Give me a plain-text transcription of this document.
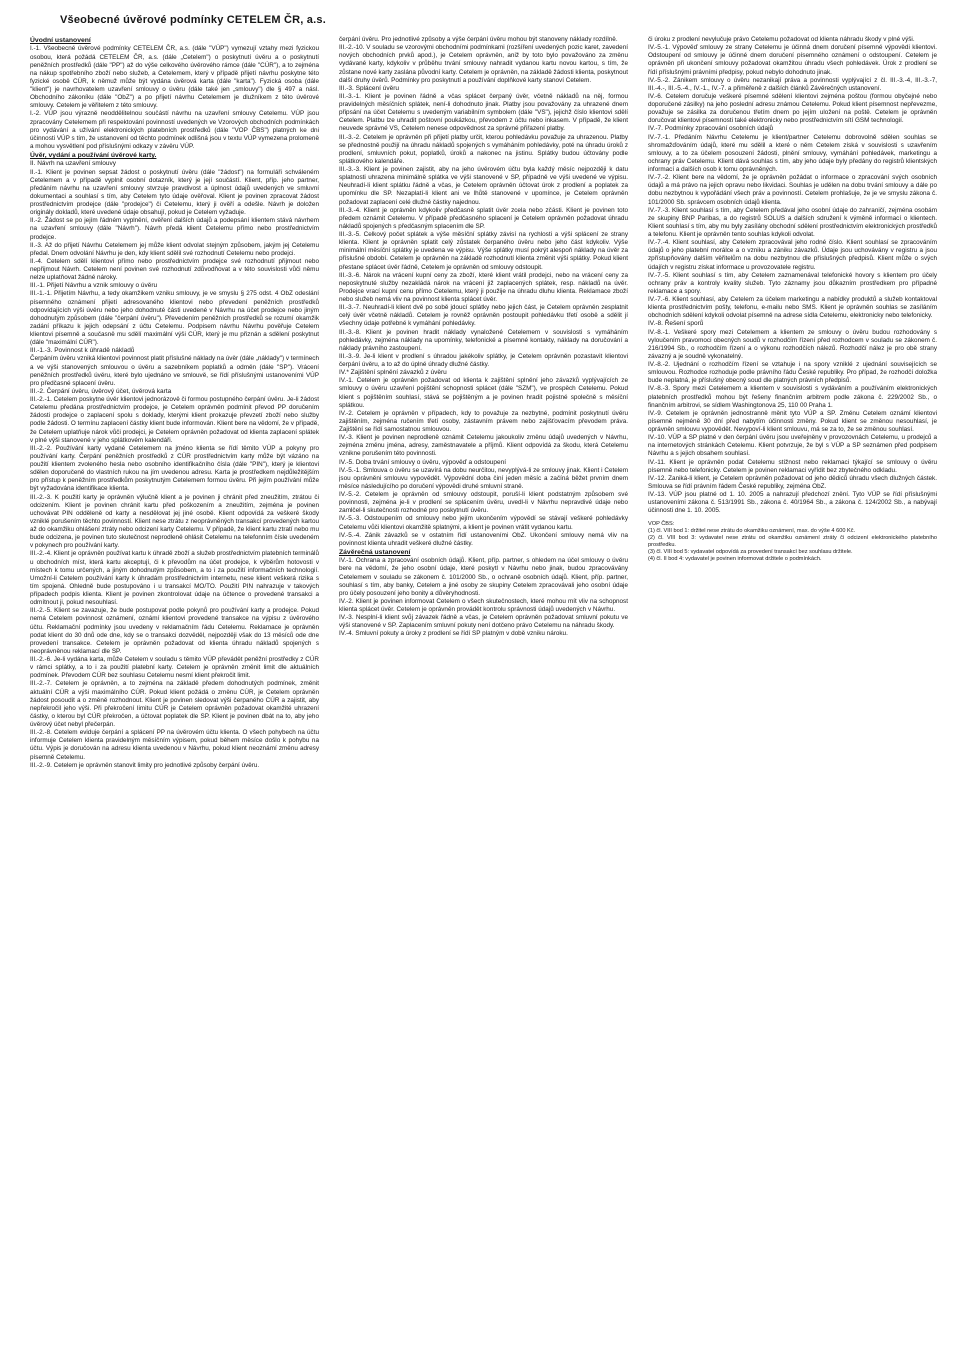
Všeobecné úvěrové podmínky CETELEM ČR, a.s.
Úvodní ustanovení

I.-1. Všeobecné úvěrové podmínky CETELEM ČR, a.s. (dále "VÚP") vymezují vztahy mezi fyzickou osobou, která požádá CETELEM ČR, a.s. (dále „Cetelem") o poskytnutí úvěru a o poskytnutí peněžních prostředků (dále "PP") až do výše celkového úvěrového rámce (dále "CÚR"), a to zejména na nákup spotřebního zboží nebo služeb, a Cetelemem, který v případě přijetí návrhu poskytne této fyzické osobě CÚR, k němuž může být vydána úvěrová karta (dále "karta"). Fyzická osoba (dále "klient") je navrhovatelem uzavření smlouvy o úvěru (dále také jen „smlouvy") dle § 497 a násl. Obchodního zákoníku (dále "ObZ") a po přijetí návrhu Cetelemem je dlužníkem z této úvěrové smlouvy. Cetelem je věřitelem z této smlouvy.

I.-2. VÚP jsou výrazně neoddělitelnou součástí návrhu na uzavření smlouvy Cetelemu. VÚP jsou zpracovány Cetelemem při respektování povinností uvedených ve Vzorových obchodních podmínkách pro vydávání a užívání elektronických platebních prostředků (dále "VOP ČBS") platných ke dni účinnosti VÚP s tím, že ustanovení od těchto podmínek odlišná jsou v textu VÚP vymezena prolomeně a mohou vysvětlení pod příslušnými odkazy v závěru VÚP.

Úvěr, vydání a používání úvěrové karty.
II. Návrh na uzavření smlouvy

II.-1. Klient je povinen sepsat žádost o poskytnutí úvěru (dále "žádost") na formuláři schváleném Cetelemem a v případě vyplnit osobní dotazník, který je její součástí. Klient, příp. jeho partner, předáním návrhu na uzavření smlouvy stvrzuje pravdivost a úplnost údajů uvedených ve smluvní dokumentaci a souhlasí s tím, aby Cetelem tyto údaje ověřoval. Klient je povinen zpracovat žádost prostřednictvím prodejce (dále "prodejce") či Cetelemu, který ji ověří a odešle. Návrh je doložen originály dokladů, které uvedené údaje obsahují, pokud je Cetelem vyžaduje.

II.-2. Žádost se po jejím řádném vyplnění, ověření dalších údajů a podepsání klientem stává návrhem na uzavření smlouvy (dále "Návrh"). Návrh předá klient Cetelemu přímo nebo prostřednictvím prodejce.

II.-3. Až do přijetí Návrhu Cetelemem jej může klient odvolat stejným způsobem, jakým jej Cetelemu předal. Dnem odvolání Návrhu je den, kdy klient sdělil své rozhodnutí Cetelemu nebo prodejci.

II.-4. Cetelem sdělí klientovi přímo nebo prostřednictvím prodejce své rozhodnutí přijmout nebo nepřijmout Návrh. Cetelem není povinen své rozhodnutí zdůvodňovat a v této souvislosti vůči němu nelze uplatňovat žádné nároky.

III.-1. Přijetí Návrhu a vznik smlouvy o úvěru

III.-1.-1. Přijetím Návrhu, a tedy okamžikem vzniku smlouvy, je ve smyslu § 275 odst. 4 ObZ odeslání písemného oznámení přijetí adresovaného klientovi nebo převedení peněžních prostředků odpovídajících výši úvěru nebo jeho dohodnuté části uvedené v Návrhu na účet prodejce nebo jiným dohodnutým způsobem (dále "čerpání úvěru"). Převedením peněžních prostředků se rozumí okamžik zadání příkazu k jejich odepsání z účtu Cetelemu. Podpisem návrhu Návrhu pověřuje Cetelem klientovi písemně a současně mu sdělí maximální výši CÚR, který je mu přiznán a sdělení poskytnut (dále "maximální CÚR").

III.-1.-3. Povinnost k úhradě nákladů

Čerpáním úvěru vzniká klientovi povinnost platit příslušné náklady na úvěr (dále „náklady") v termínech a ve výši stanovených smlouvou o úvěru a sazebníkem poplatků a odměn (dále "SP"). Vrácení peněžních prostředků úvěru, které bylo ujednáno ve smlouvě, se řídí příslušnými ustanoveními VÚP pro předčasné splacení úvěru.

III.-2. Čerpání úvěru, úvěrový účet, úvěrová karta

III.-2.-1. Cetelem poskytne úvěr klientovi jednorázově či formou postupného čerpání úvěru. Je-li žádost Cetelemu předána prostřednictvím prodejce, je Cetelem oprávněn podmínit převod PP doručením žádosti prodejce o zaplacení spolu s doklady, kterými klient prokazuje převzetí zboží nebo služby podle žádosti. O termínu zaplacení částky klient bude informován. Klient bere na vědomí, že v případě, že Cetelem uplatňuje nárok vůči prodejci, je Cetelem oprávněn požadovat od klienta zaplacení splátek v plné výši stanovené v jeho splátkovém kalendáři.

III.-2.-2. Používání karty vydané Cetelemem na jméno klienta se řídí těmito VÚP a pokyny pro používání karty. Čerpání peněžních prostředků z CÚR prostřednictvím karty může být vázáno na použití klientem zvoleného hesla nebo osobního identifikačního čísla (dále "PIN"), který je klientovi sdělen doporučeně do vlastních rukou na jím uvedenou adresu. Karta je prostředkem nejdůležitějším pro přístup k peněžním prostředkům poskytnutým Cetelemem formou úvěru. Při jejím používání může být vyžadována identifikace klienta.

III.-2.-3. K použití karty je oprávněn výlučně klient a je povinen ji chránit před zneužitím, ztrátou či odcizením. Klient je povinen chránit kartu před poškozením a zneužitím, zejména je povinen uchovávat PIN odděleně od karty a nesdělovat jej jiné osobě. Klient odpovídá za veškeré škody vzniklé porušením těchto povinností. Klient nese ztrátu z neoprávněných transakcí provedených kartou až do okamžiku ohlášení ztráty nebo odcizení karty Cetelemu. V případě, že klient kartu ztratí nebo mu bude odcizena, je povinen tuto skutečnost neprodleně ohlásit Cetelemu na telefonním čísle uvedeném v pokynech pro používání karty.

III.-2.-4. Klient je oprávněn používat kartu k úhradě zboží a služeb prostřednictvím platebních terminálů u obchodních míst, která kartu akceptují, či k převodům na účet prodejce, k výběrům hotovosti v místech k tomu určených, a jiným dohodnutým způsobem, a to i za použití informačních technologií. Umožní-li Cetelem používání karty k úhradám prostřednictvím internetu, nese klient veškerá rizika s tím spojená. Ohledně bude postupováno i u transakcí MO/TO. Použití PIN nahrazuje v takových případech podpis klienta. Klient je povinen zkontrolovat údaje na účtence o provedené transakci a odmítnout ji, pokud nesouhlasí.

III.-2.-5. Klient se zavazuje, že bude postupovat podle pokynů pro používání karty a prodejce. Pokud nemá Cetelem povinnost oznámení, oznámí klientovi provedené transakce na výpisu z úvěrového účtu. Reklamační podmínky jsou uvedeny v reklamačním řádu Cetelemu. Reklamace je oprávněn podat klient do 30 dnů ode dne, kdy se o transakci dozvěděl, nejpozději však do 13 měsíců ode dne provedení transakce. Cetelem je oprávněn požadovat od klienta úhradu nákladů spojených s neoprávněnou reklamací dle SP.

III.-2.-6. Je-li vydána karta, může Cetelem v souladu s těmito VÚP převádět peněžní prostředky z CÚR v rámci splátky, a to i za použití platební karty. Cetelem je oprávněn změnit limit dle aktuálních podmínek. Převodem CÚR bez souhlasu Cetelemu nesmí klient překročit limit.

III.-2.-7. Cetelem je oprávněn, a to zejména na základě předem dohodnutých podmínek, změnit aktuální CÚR a výši maximálního CÚR. Pokud klient požádá o změnu CÚR, je Cetelem oprávněn žádost posoudit a o změně rozhodnout. Klient je povinen sledovat výši čerpaného CÚR a zajistit, aby nepřekročil jeho výši. Při překročení limitu CÚR je Cetelem oprávněn požadovat okamžité uhrazení částky, o kterou byl CÚR překročen, a účtovat poplatek dle SP. Klient je povinen dbát na to, aby jeho úvěrový účet nebyl přečerpán.

III.-2.-8. Cetelem eviduje čerpání a splácení PP na úvěrovém účtu klienta. O všech pohybech na účtu informuje Cetelem klienta pravidelným měsíčním výpisem, pokud během měsíce došlo k pohybu na účtu. Výpis je doručován na adresu klienta uvedenou v Návrhu, pokud klient neoznámí změnu adresy písemně Cetelemu.

III.-2.-9. Cetelem je oprávněn stanovit limity pro jednotlivé způsoby čerpání úvěru.

čerpání úvěru. Pro jednotlivé způsoby a výše čerpání úvěru mohou být stanoveny náklady rozdílně.

III.-2.-10. V souladu se vzorovými obchodními podmínkami (rozšíření uvedených pozic karet, zavedení nových obchodních prvků apod.), je Cetelem oprávněn, aniž by toto bylo považováno za změnu vydávané karty, kdykoliv v průběhu trvání smlouvy nahradit vydanou kartu novou kartou, s tím, že zůstane nové karty zaslána původní karty. Cetelem je oprávněn, na základě žádosti klienta, poskytnout další druhy úvěrů. Podmínky pro poskytnutí a používání doplňkové karty stanoví Cetelem.

III.-3. Splácení úvěru

III.-3.-1. Klient je povinen řádně a včas splácet čerpaný úvěr, včetně nákladů na něj, formou pravidelných měsíčních splátek, není-li dohodnuto jinak. Platby jsou považovány za uhrazené dnem připsání na účet Cetelemu s uvedeným variabilním symbolem (dále "VS"), jejichž číslo klientovi sdělí Cetelem. Platbu lze uhradit poštovní poukázkou, převodem z účtu nebo inkasem. V případě, že klient neuvede správné VS, Cetelem nenese odpovědnost za správné přiřazení platby.

III.-3.-2. Cetelem je oprávněn při přijetí platby určit, kterou pohledávku považuje za uhrazenou. Platby se přednostně použijí na úhradu nákladů spojených s vymáháním pohledávky, poté na úhradu úroků z prodlení, smluvních pokut, poplatků, úroků a nakonec na jistinu. Splátky budou účtovány podle splátkového kalendáře.

III.-3.-3. Klient je povinen zajistit, aby na jeho úvěrovém účtu byla každý měsíc nejpozději k datu splatnosti uhrazena minimálně splátka ve výši stanovené v SP, případně ve výši uvedené ve výpisu. Neuhradí-li klient splátku řádně a včas, je Cetelem oprávněn účtovat úrok z prodlení a poplatek za upomínku dle SP. Nezaplatí-li klient ani ve lhůtě stanovené v upomínce, je Cetelem oprávněn požadovat zaplacení celé dlužné částky najednou.

III.-3.-4. Klient je oprávněn kdykoliv předčasně splatit úvěr zcela nebo zčásti. Klient je povinen toto předem oznámit Cetelemu. V případě předčasného splacení je Cetelem oprávněn požadovat úhradu nákladů spojených s předčasným splacením dle SP.

III.-3.-5. Celkový počet splátek a výše měsíční splátky závisí na rychlosti a výši splácení ze strany klienta. Klient je oprávněn splatit celý zůstatek čerpaného úvěru nebo jeho část kdykoliv. Výše minimální měsíční splátky je uvedena ve výpisu. Výše splátky musí pokrýt alespoň náklady na úvěr za příslušné období. Cetelem je oprávněn na základě rozhodnutí klienta změnit výši splátky. Pokud klient přestane splácet úvěr řádně, Cetelem je oprávněn od smlouvy odstoupit.

III.-3.-6. Nárok na vrácení kupní ceny za zboží, které klient vrátil prodejci, nebo na vrácení ceny za neposkytnuté služby nezakládá nárok na vrácení již zaplacených splátek, resp. nákladů na úvěr. Prodejce vrací kupní cenu přímo Cetelemu, který ji použije na úhradu dluhu klienta. Reklamace zboží nebo služeb nemá vliv na povinnost klienta splácet úvěr.

III.-3.-7. Neuhradí-li klient dvě po sobě jdoucí splátky nebo jejich část, je Cetelem oprávněn zesplatnit celý úvěr včetně nákladů. Cetelem je rovněž oprávněn postoupit pohledávku třetí osobě a sdělit jí všechny údaje potřebné k vymáhání pohledávky.

III.-3.-8. Klient je povinen hradit náklady vynaložené Cetelemem v souvislosti s vymáháním pohledávky, zejména náklady na upomínky, telefonické a písemné kontakty, náklady na doručování a náklady právního zastoupení.

III.-3.-9. Je-li klient v prodlení s úhradou jakékoliv splátky, je Cetelem oprávněn pozastavit klientovi čerpání úvěru, a to až do úplné úhrady dlužné částky.

IV.* Zajištění splnění závazků z úvěru

IV.-1. Cetelem je oprávněn požadovat od klienta k zajištění splnění jeho závazků vyplývajících ze smlouvy o úvěru uzavření pojištění schopnosti splácet (dále "SZM"), ve prospěch Cetelemu. Pokud klient s pojištěním souhlasí, stává se pojištěným a je povinen hradit pojistné společně s měsíční splátkou.

IV.-2. Cetelem je oprávněn v případech, kdy to považuje za nezbytné, podmínit poskytnutí úvěru zajištěním, zejména ručením třetí osoby, zástavním právem nebo zajišťovacím převodem práva. Zajištění se řídí samostatnou smlouvou.

IV.-3. Klient je povinen neprodleně oznámit Cetelemu jakoukoliv změnu údajů uvedených v Návrhu, zejména změnu jména, adresy, zaměstnavatele a příjmů. Klient odpovídá za škodu, která Cetelemu vznikne porušením této povinnosti.

IV.-5. Doba trvání smlouvy o úvěru, výpověď a odstoupení

IV.-5.-1. Smlouva o úvěru se uzavírá na dobu neurčitou, nevyplývá-li ze smlouvy jinak. Klient i Cetelem jsou oprávněni smlouvu vypovědět. Výpovědní doba činí jeden měsíc a začíná běžet prvním dnem měsíce následujícího po doručení výpovědi druhé smluvní straně.

IV.-5.-2. Cetelem je oprávněn od smlouvy odstoupit, poruší-li klient podstatným způsobem své povinnosti, zejména je-li v prodlení se splácením úvěru, uvedl-li v Návrhu nepravdivé údaje nebo zamlčel-li skutečnosti rozhodné pro poskytnutí úvěru.

IV.-5.-3. Odstoupením od smlouvy nebo jejím ukončením výpovědí se stávají veškeré pohledávky Cetelemu vůči klientovi okamžitě splatnými, a klient je povinen vrátit vydanou kartu.

IV.-5.-4. Zánik závazků se v ostatním řídí ustanoveními ObZ. Ukončení smlouvy nemá vliv na povinnost klienta uhradit veškeré dlužné částky.

Závěrečná ustanovení

IV.-1. Ochrana a zpracování osobních údajů. Klient, příp. partner, s ohledem na účel smlouvy o úvěru bere na vědomí, že jeho osobní údaje, které poskytl v Návrhu nebo jinak, budou zpracovávány Cetelemem v souladu se zákonem č. 101/2000 Sb., o ochraně osobních údajů. Klient, příp. partner, souhlasí s tím, aby banky, Cetelem a jiné osoby ze skupiny Cetelem zpracovávali jeho osobní údaje pro účely posouzení jeho bonity a důvěryhodnosti.

IV.-2. Klient je povinen informovat Cetelem o všech skutečnostech, které mohou mít vliv na schopnost klienta splácet úvěr. Cetelem je oprávněn provádět kontrolu správnosti údajů uvedených v Návrhu.

IV.-3. Nesplní-li klient svůj závazek řádně a včas, je Cetelem oprávněn požadovat smluvní pokutu ve výši stanovené v SP. Zaplacením smluvní pokuty není dotčeno právo Cetelemu na náhradu škody.

IV.-4. Smluvní pokuty a úroky z prodlení se řídí SP platným v době vzniku nároku.

či úroku z prodlení nevylučuje právo Cetelemu požadovat od klienta náhradu škody v plné výši.

IV.-5.-1. Výpověď smlouvy ze strany Cetelemu je účinná dnem doručení písemné výpovědi klientovi. Odstoupení od smlouvy je účinné dnem doručení písemného oznámení o odstoupení. Cetelem je oprávněn při ukončení smlouvy požadovat okamžitou úhradu všech pohledávek. Úrok z prodlení se řídí příslušnými právními předpisy, pokud nebylo dohodnuto jinak.

IV.-5.-2. Zánikem smlouvy o úvěru nezanikají práva a povinnosti vyplývající z čl. III.-3.-4, III.-3.-7, III.-4.-, III.-5.-4., IV.-1., IV.-7. a přiměřeně z dalších článků Závěrečných ustanovení.

IV.-6. Cetelem doručuje veškeré písemné sdělení klientovi zejména poštou (formou obyčejné nebo doporučené zásilky) na jeho poslední adresu známou Cetelemu. Pokud klient písemnost nepřevezme, považuje se zásilka za doručenou třetím dnem po jejím uložení na poště. Cetelem je oprávněn doručovat klientovi písemnosti také elektronicky nebo prostřednictvím sítí GSM technologií.

IV.-7. Podmínky zpracování osobních údajů

IV.-7.-1. Předáním Návrhu Cetelemu je klient/partner Cetelemu dobrovolně sdělen souhlas se shromažďováním údajů, které mu sdělil a které o něm Cetelem získá v souvislosti s uzavřením smlouvy, a to za účelem posouzení žádosti, plnění smlouvy, vymáhání pohledávek, marketingu a ochrany práv Cetelemu. Klient dává souhlas s tím, aby jeho údaje byly předány do registrů klientských informací a dalších osob k tomu oprávněných.

IV.-7.-2. Klient bere na vědomí, že je oprávněn požádat o informace o zpracování svých osobních údajů a má právo na jejich opravu nebo likvidaci. Souhlas je udělen na dobu trvání smlouvy a dále po dobu nezbytnou k vypořádání všech práv a povinností. Cetelem prohlašuje, že je ve smyslu zákona č. 101/2000 Sb. správcem osobních údajů klienta.

IV.-7.-3. Klient souhlasí s tím, aby Cetelem předával jeho osobní údaje do zahraničí, zejména osobám ze skupiny BNP Paribas, a do registrů SOLUS a dalších sdružení k výměně informací o klientech. Klient souhlasí s tím, aby mu byly zasílány obchodní sdělení prostřednictvím elektronických prostředků a telefonu. Klient je oprávněn tento souhlas kdykoli odvolat.

IV.-7.-4. Klient souhlasí, aby Cetelem zpracovával jeho rodné číslo. Klient souhlasí se zpracováním údajů o jeho platební morálce a o vzniku a zániku závazků. Údaje jsou uchovávány v registru a jsou zpřístupňovány dalším věřitelům na dobu nezbytnou dle příslušných předpisů. Klient může o svých údajích v registru získat informace u provozovatele registru.

IV.-7.-5. Klient souhlasí s tím, aby Cetelem zaznamenával telefonické hovory s klientem pro účely ochrany práv a kontroly kvality služeb. Tyto záznamy jsou důkazním prostředkem pro případné reklamace a spory.

IV.-7.-6. Klient souhlasí, aby Cetelem za účelem marketingu a nabídky produktů a služeb kontaktoval klienta prostřednictvím pošty, telefonu, e-mailu nebo SMS. Klient je oprávněn souhlas se zasíláním obchodních sdělení kdykoli odvolat písemně na adrese sídla Cetelemu, elektronicky nebo telefonicky.

IV.-8. Řešení sporů

IV.-8.-1. Veškeré spory mezi Cetelemem a klientem ze smlouvy o úvěru budou rozhodovány s vyloučením pravomoci obecných soudů v rozhodčím řízení před rozhodcem v souladu se zákonem č. 216/1994 Sb., o rozhodčím řízení a o výkonu rozhodčích nálezů. Rozhodčí nález je pro obě strany závazný a je soudně vykonatelný.

IV.-8.-2. Ujednání o rozhodčím řízení se vztahuje i na spory vzniklé z ujednání souvisejících se smlouvou. Rozhodce rozhoduje podle právního řádu České republiky. Pro případ, že rozhodčí doložka bude neplatná, je příslušný obecný soud dle platných právních předpisů.

IV.-8.-3. Spory mezi Cetelemem a klientem v souvislosti s vydáváním a používáním elektronických platebních prostředků mohou být řešeny finančním arbitrem podle zákona č. 229/2002 Sb., o finančním arbitrovi, se sídlem Washingtonova 25, 110 00 Praha 1.

IV.-9. Cetelem je oprávněn jednostranně měnit tyto VÚP a SP. Změnu Cetelem oznámí klientovi písemně nejméně 30 dní před nabytím účinnosti změny. Pokud klient se změnou nesouhlasí, je oprávněn smlouvu vypovědět. Nevypoví-li klient smlouvu, má se za to, že se změnou souhlasí.

IV.-10. VÚP a SP platné v den čerpání úvěru jsou uveřejněny v provozovnách Cetelemu, u prodejců a na internetových stránkách Cetelemu. Klient potvrzuje, že byl s VÚP a SP seznámen před podpisem Návrhu a s jejich obsahem souhlasí.

IV.-11. Klient je oprávněn podat Cetelemu stížnost nebo reklamaci týkající se smlouvy o úvěru písemně nebo telefonicky. Cetelem je povinen reklamaci vyřídit bez zbytečného odkladu.

IV.-12. Zaniká-li klient, je Cetelem oprávněn požadovat od jeho dědiců úhradu všech dlužných částek. Smlouva se řídí právním řádem České republiky, zejména ObZ.

IV.-13. VÚP jsou platné od 1. 10. 2005 a nahrazují předchozí znění. Tyto VÚP se řídí příslušnými ustanoveními zákona č. 513/1991 Sb., zákona č. 40/1964 Sb., a zákona č. 124/2002 Sb., a nabývají účinnosti dne 1. 10. 2005.

VOP ČBS:

(1) čl. VIII bod 1: držitel nese ztrátu do okamžiku oznámení, max. do výše 4 600 Kč.

(2) čl. VIII bod 3: vydavatel nese ztrátu od okamžiku oznámení ztráty či odcizení elektronického platebního prostředku.

(3) čl. VIII bod 5: vydavatel odpovídá za provedení transakcí bez souhlasu držitele.

(4) čl. II bod 4: vydavatel je povinen informovat držitele o podmínkách.
